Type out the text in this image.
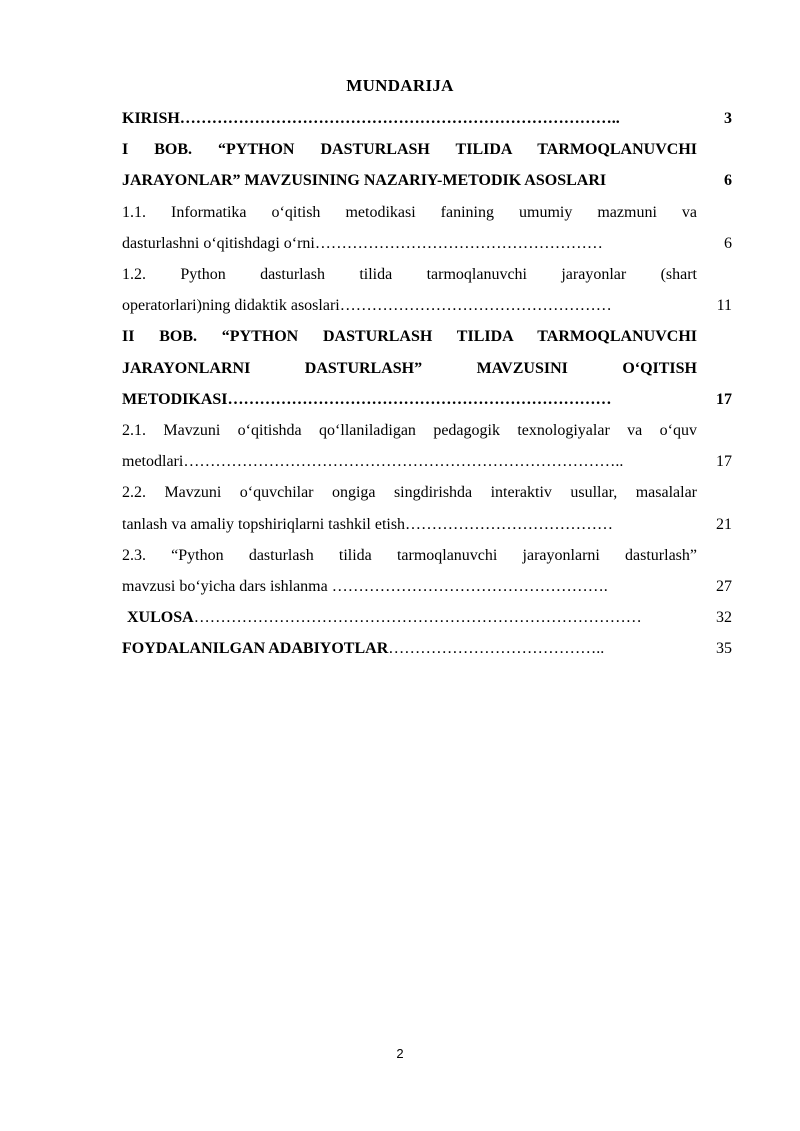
MUNDARIJA
KIRISH………………………………………………………………………..	3
I BOB. “PYTHON DASTURLASH TILIDA TARMOQLANUVCHI
JARAYONLAR” MAVZUSINING NAZARIY-METODIK ASOSLARI	6
1.1. Informatika o‘qitish metodikasi fanining umumiy mazmuni va
dasturlashni o‘qitishdagi o‘rni………………………………………………	6
1.2. Python dasturlash tilida tarmoqlanuvchi jarayonlar (shart
operatorlari)ning didaktik asoslari……………………………………………	11
II BOB. “PYTHON DASTURLASH TILIDA TARMOQLANUVCHI
JARAYONLARNI DASTURLASH” MAVZUSINI O‘QITISH
METODIKASI………………………………………………………………	17
2.1. Mavzuni o‘qitishda qo‘llaniladigan pedagogik texnologiyalar va o‘quv
metodlari………………………………………………………………………..	17
2.2. Mavzuni o‘quvchilar ongiga singdirishda interaktiv usullar, masalalar
tanlash va amaliy topshiriqlarni tashkil etish…………………………………	21
2.3. “Python dasturlash tilida tarmoqlanuvchi jarayonlarni dasturlash”
mavzusi bo‘yicha dars ishlanma …………………………………………….	27
XULOSA…………………………………………………………………………	32
FOYDALANILGAN ADABIYOTLAR…………………………………..	35
2
